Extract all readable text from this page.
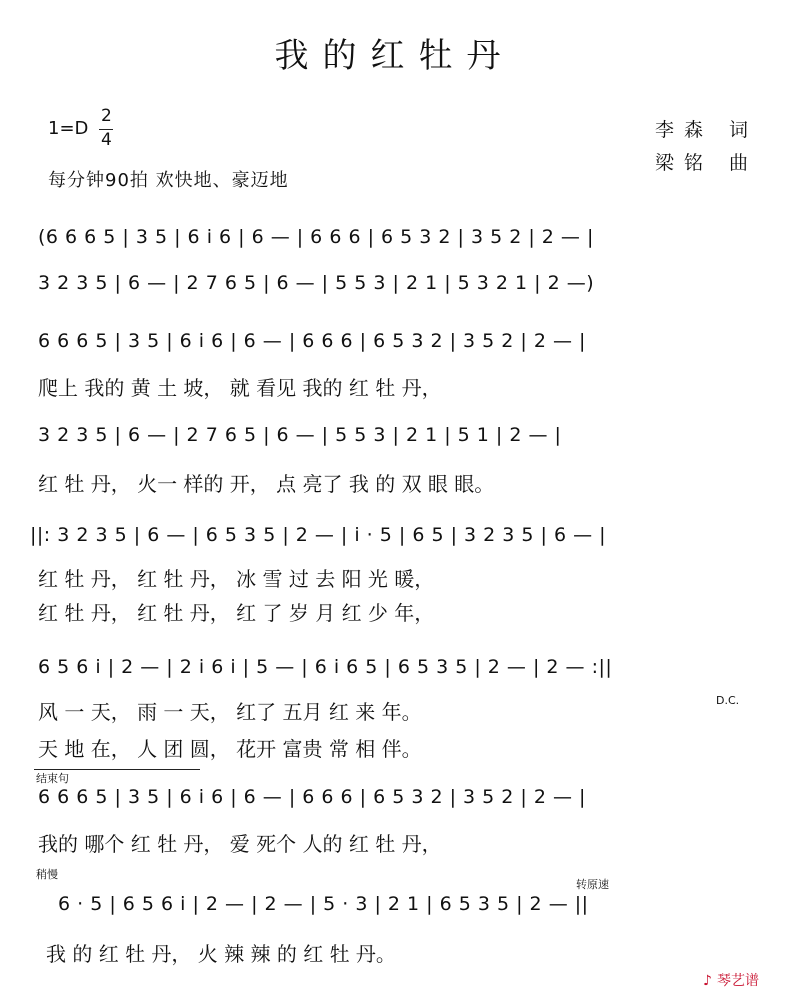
我的红牡丹
李森 词
梁铭 曲
1=D
2
4
每分钟90拍 欢快地、豪迈地
(6 6 6 5 | 3 5 | 6 i 6 | 6 — | 6 6 6 | 6 5 3 2 | 3 5 2 | 2 — |
3 2 3 5 | 6 — | 2 7 6 5 | 6 — | 5 5 3 | 2 1 | 5 3 2 1 | 2 —)
6 6 6 5 | 3 5 | 6 i 6 | 6 — | 6 6 6 | 6 5 3 2 | 3 5 2 | 2 — |
爬上 我的 黄 土 坡， 就 看见 我的 红 牡 丹，
3 2 3 5 | 6 — | 2 7 6 5 | 6 — | 5 5 3 | 2 1 | 5 1 | 2 — |
红 牡 丹， 火一 样的 开， 点 亮了 我 的 双 眼 眼。
||: 3 2 3 5 | 6 — | 6 5 3 5 | 2 — | i · 5 | 6 5 | 3 2 3 5 | 6 — |
红 牡 丹， 红 牡 丹， 冰 雪 过 去 阳 光 暖，
红 牡 丹， 红 牡 丹， 红 了 岁 月 红 少 年，
6 5 6 i | 2 — | 2 i 6 i | 5 — | 6 i 6 5 | 6 5 3 5 | 2 — | 2 — :||
风 一 天， 雨 一 天， 红了 五月 红 来 年。
天 地 在， 人 团 圆， 花开 富贵 常 相 伴。
D.C.
结束句
6 6 6 5 | 3 5 | 6 i 6 | 6 — | 6 6 6 | 6 5 3 2 | 3 5 2 | 2 — |
我的 哪个 红 牡 丹， 爱 死个 人的 红 牡 丹，
稍慢
转原速
6 · 5 | 6 5 6 i | 2 — | 2 — | 5 · 3 | 2 1 | 6 5 3 5 | 2 — ||
我 的 红 牡 丹， 火 辣 辣 的 红 牡 丹。
♪ 琴艺谱
